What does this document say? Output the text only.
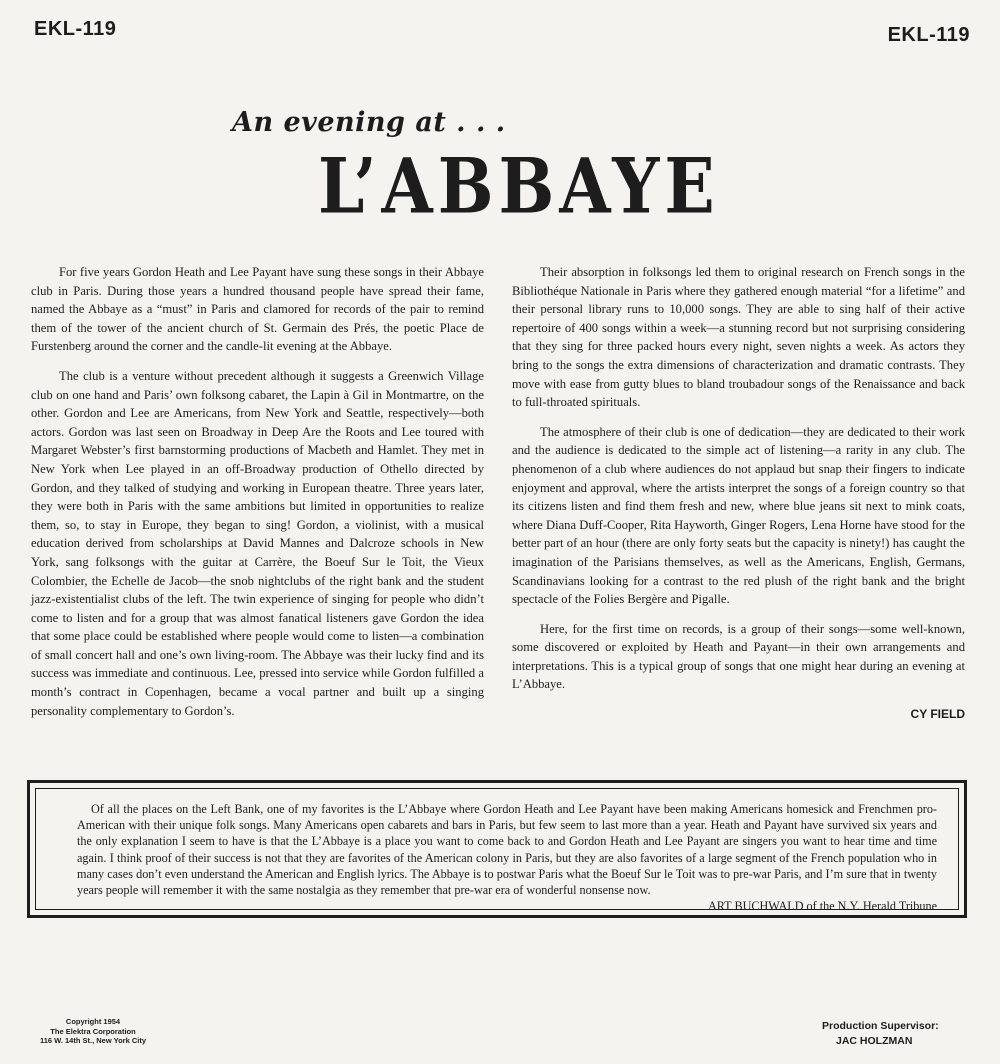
EKL-119	EKL-119
An evening at . . .
L’ABBAYE

For five years Gordon Heath and Lee Payant have sung these songs in their Abbaye club in Paris. During those years a hundred thousand people have spread their fame, named the Abbaye as a “must” in Paris and clamored for records of the pair to remind them of the tower of the ancient church of St. Germain des Prés, the poetic Place de Furstenberg around the corner and the candle-lit evening at the Abbaye.

The club is a venture without precedent although it suggests a Greenwich Village club on one hand and Paris’ own folksong cabaret, the Lapin à Gil in Montmartre, on the other. Gordon and Lee are Americans, from New York and Seattle, respectively—both actors. Gordon was last seen on Broadway in Deep Are the Roots and Lee toured with Margaret Webster’s first barnstorming productions of Macbeth and Hamlet. They met in New York when Lee played in an off-Broadway production of Othello directed by Gordon, and they talked of studying and working in European theatre. Three years later, they were both in Paris with the same ambitions but limited in opportunities to realize them, so, to stay in Europe, they began to sing! Gordon, a violinist, with a musical education derived from scholarships at David Mannes and Dalcroze schools in New York, sang folksongs with the guitar at Carrère, the Boeuf Sur le Toit, the Vieux Colombier, the Echelle de Jacob—the snob nightclubs of the right bank and the student jazz-existentialist clubs of the left. The twin experience of singing for people who didn’t come to listen and for a group that was almost fanatical listeners gave Gordon the idea that some place could be established where people would come to listen—a combination of small concert hall and one’s own living-room. The Abbaye was their lucky find and its success was immediate and continuous. Lee, pressed into service while Gordon fulfilled a month’s contract in Copenhagen, became a vocal partner and built up a singing personality complementary to Gordon’s.

Their absorption in folksongs led them to original research on French songs in the Bibliothéque Nationale in Paris where they gathered enough material “for a lifetime” and their personal library runs to 10,000 songs. They are able to sing half of their active repertoire of 400 songs within a week—a stunning record but not surprising considering that they sing for three packed hours every night, seven nights a week. As actors they bring to the songs the extra dimensions of characterization and dramatic contrasts. They move with ease from gutty blues to bland troubadour songs of the Renaissance and back to full-throated spirituals.

The atmosphere of their club is one of dedication—they are dedicated to their work and the audience is dedicated to the simple act of listening—a rarity in any club. The phenomenon of a club where audiences do not applaud but snap their fingers to indicate enjoyment and approval, where the artists interpret the songs of a foreign country so that its citizens listen and find them fresh and new, where blue jeans sit next to mink coats, where Diana Duff-Cooper, Rita Hayworth, Ginger Rogers, Lena Horne have stood for the better part of an hour (there are only forty seats but the capacity is ninety!) has caught the imagination of the Parisians themselves, as well as the Americans, English, Germans, Scandinavians looking for a contrast to the red plush of the right bank and the bright spectacle of the Folies Bergère and Pigalle.

Here, for the first time on records, is a group of their songs—some well-known, some discovered or exploited by Heath and Payant—in their own arrangements and interpretations. This is a typical group of songs that one might hear during an evening at L’Abbaye.

CY FIELD
Of all the places on the Left Bank, one of my favorites is the L’Abbaye where Gordon Heath and Lee Payant have been making Americans homesick and Frenchmen pro-American with their unique folk songs. Many Americans open cabarets and bars in Paris, but few seem to last more than a year. Heath and Payant have survived six years and the only explanation I seem to have is that the L’Abbaye is a place you want to come back to and Gordon Heath and Lee Payant are singers you want to hear time and time again. I think proof of their success is not that they are favorites of the American colony in Paris, but they are also favorites of a large segment of the French population who in many cases don’t even understand the American and English lyrics. The Abbaye is to postwar Paris what the Boeuf Sur le Toit was to pre-war Paris, and I’m sure that in twenty years people will remember it with the same nostalgia as they remember that pre-war era of wonderful nonsense now.
ART BUCHWALD of the N.Y. Herald Tribune
Copyright 1954
The Elektra Corporation
116 W. 14th St., New York City
Production Supervisor:
JAC HOLZMAN
